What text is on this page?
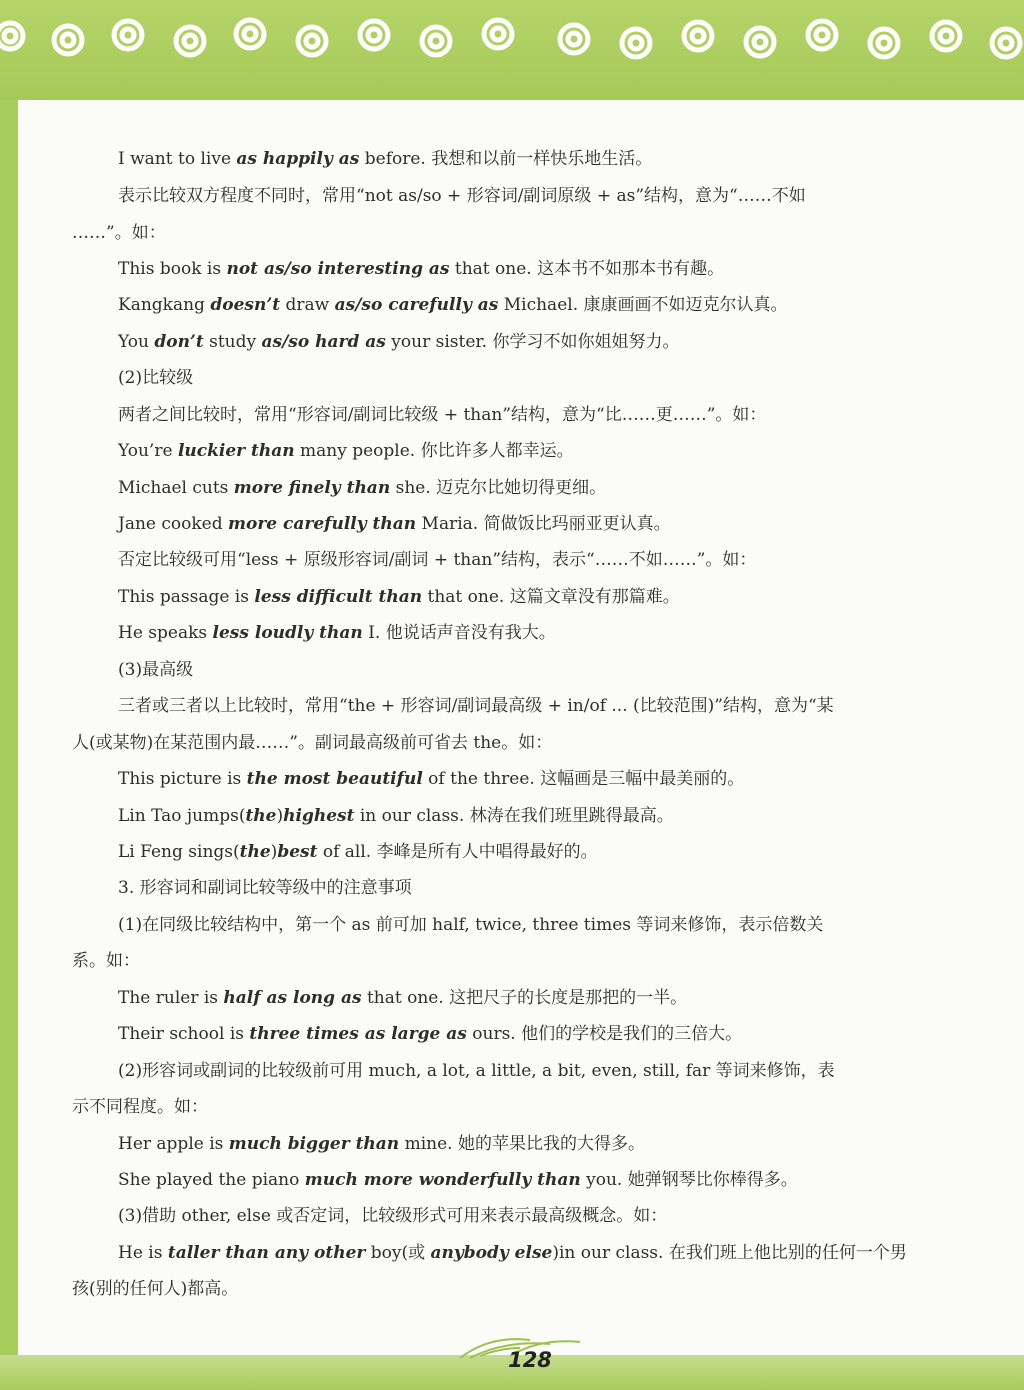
128
I want to live as happily as before. 我想和以前一样快乐地生活。
表示比较双方程度不同时，常用“not as/so + 形容词/副词原级 + as”结构，意为“……不如
……”。如：
This book is not as/so interesting as that one. 这本书不如那本书有趣。
Kangkang doesn’t draw as/so carefully as Michael. 康康画画不如迈克尔认真。
You don’t study as/so hard as your sister. 你学习不如你姐姐努力。
(2)比较级
两者之间比较时，常用“形容词/副词比较级 + than”结构，意为“比……更……”。如：
You’re luckier than many people. 你比许多人都幸运。
Michael cuts more finely than she. 迈克尔比她切得更细。
Jane cooked more carefully than Maria. 简做饭比玛丽亚更认真。
否定比较级可用“less + 原级形容词/副词 + than”结构，表示“……不如……”。如：
This passage is less difficult than that one. 这篇文章没有那篇难。
He speaks less loudly than I. 他说话声音没有我大。
(3)最高级
三者或三者以上比较时，常用“the + 形容词/副词最高级 + in/of ... (比较范围)”结构，意为“某
人(或某物)在某范围内最……”。副词最高级前可省去 the。如：
This picture is the most beautiful of the three. 这幅画是三幅中最美丽的。
Lin Tao jumps(the)highest in our class. 林涛在我们班里跳得最高。
Li Feng sings(the)best of all. 李峰是所有人中唱得最好的。
3. 形容词和副词比较等级中的注意事项
(1)在同级比较结构中，第一个 as 前可加 half, twice, three times 等词来修饰，表示倍数关
系。如：
The ruler is half as long as that one. 这把尺子的长度是那把的一半。
Their school is three times as large as ours. 他们的学校是我们的三倍大。
(2)形容词或副词的比较级前可用 much, a lot, a little, a bit, even, still, far 等词来修饰，表
示不同程度。如：
Her apple is much bigger than mine. 她的苹果比我的大得多。
She played the piano much more wonderfully than you. 她弹钢琴比你棒得多。
(3)借助 other, else 或否定词，比较级形式可用来表示最高级概念。如：
He is taller than any other boy(或 anybody else)in our class. 在我们班上他比别的任何一个男
孩(别的任何人)都高。
